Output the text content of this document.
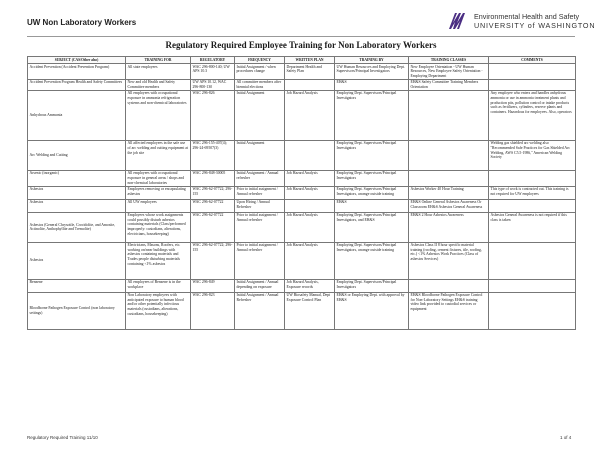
UW Non Laboratory Workers
Environmental Health and Safety
UNIVERSITY of WASHINGTON
Regulatory Required Employee Training for Non Laboratory Workers
SUBJECT (CAS/Other also)	TRAINING FOR	REGULATORY	FREQUENCY	WRITTEN PLAN	TRAINING BY	TRAINING CLASSES	COMMENTS
Accident Prevention (Accident Prevention Program)	All state employees	WAC 296-800-140; UW APS 10.3	Initial Assignment / when procedures change	Department Health and Safety Plan	UW Human Resources and Employing Dept. Supervisors/Principal Investigators	New Employee Orientation - UW Human Resources, New Employee Safety Orientation - Employing Department	
Accident Prevention Program Health and Safety Committees	New and old Health and Safety Committee members	UW APS 10.12, WAC 296-800-130	All committee members after biennial elections		EH&S	EH&S Safety Committee Training Members Orientation	
Anhydrous Ammonia	All employees with occupational exposure in ammonia refrigeration systems and non-chemical laboratories	WAC 296-826	Initial Assignment	Job Hazard Analysis	Employing Dept. Supervisors/Principal Investigators		Any employee who enters and handles anhydrous ammonia or use in ammonia treatment plants and production pits, pollution control or intake products such as fertilizers, cylinders, reserve plants and containers. Hazardous for employees. Also, operators
Arc Welding and Cutting	All affected employees in the safe use of arc welding and cutting equipment at the job site	WAC 296-155-407(4); 296-24-69507(3)	Initial Assignment		Employing Dept. Supervisors/Principal Investigators		Welding gas shielded arc welding also "Recommended Safe Practices for Gas Shielded Arc Welding, AWS C5.5-1986," American Welding Society
Arsenic (inorganic)	All employees with occupational exposure in general areas / shops and non-chemical laboratories	WAC 296-848-30005	Initial Assignment / Annual refresher	Job Hazard Analysis	Employing Dept. Supervisors/Principal Investigators		
Asbestos	Employees removing or encapsulating asbestos	WAC 296-62-07722; 296-155	Prior to initial assignment / Annual refresher	Job Hazard Analysis	Employing Dept. Supervisors/Principal Investigators, arrange outside training	Asbestos Worker 40 Hour Training	This type of work is contracted out. This training is not required for UW employees
Asbestos	All UW employees	WAC 296-62-07722	Upon Hiring / Annual Refresher		EH&S	EH&S Online General Asbestos Awareness Or Classroom EH&S Asbestos General Awareness	
Asbestos (General Chrysotile, Crocidolite, and Amosite, Actinolite, Anthophyllite and Tremolite)	Employees whose work assignments could possibly disturb asbestos containing materials (Class/performed improperly: custodians, alterations, electricians, housekeeping)	WAC 296-62-07722	Prior to initial assignment / Annual refresher	Job Hazard Analysis	Employing Dept. Supervisors/Principal Investigators, and EH&S	EH&S 2 Hour Asbestos Awareness	Asbestos General Awareness is not required if this class is taken
Asbestos	Electricians, Masons, Roofers, etc. working on/near buildings with asbestos containing materials and Trades people disturbing materials containing <1% asbestos	WAC 296-62-07722; 296-155	Prior to initial assignment / Annual refresher	Job Hazard Analysis	Employing Dept. Supervisors/Principal Investigators, arrange outside training	Asbestos Class II 8 hour specific material training (roofing, cement fixtures, tile, roofing, etc.) <1% Asbestos Work Practices (Class of asbestos Services)	
Benzene	All employees of Benzene is in the workplace	WAC 296-849	Initial Assignment / Annual depending on exposure	Job Hazard Analysis, Exposure records	Employing Dept. Supervisors/Principal Investigators		
Bloodborne Pathogen Exposure Control (non laboratory settings)	Non Laboratory employees with anticipated exposure to human blood and/or other potentially infectious materials (custodians, alterations, custodians, housekeeping)	WAC 296-823	Initial Assignment / Annual Refresher	UW Biosafety Manual, Dept Exposure Control Plan	EH&S or Employing Dept. with approval by EH&S	EH&S Bloodborne Pathogen Exposure Control for Non-Laboratory Settings EH&S training video link provided to custodial services or equipment	
Regulatory Required Training 11/10	1 of 4
